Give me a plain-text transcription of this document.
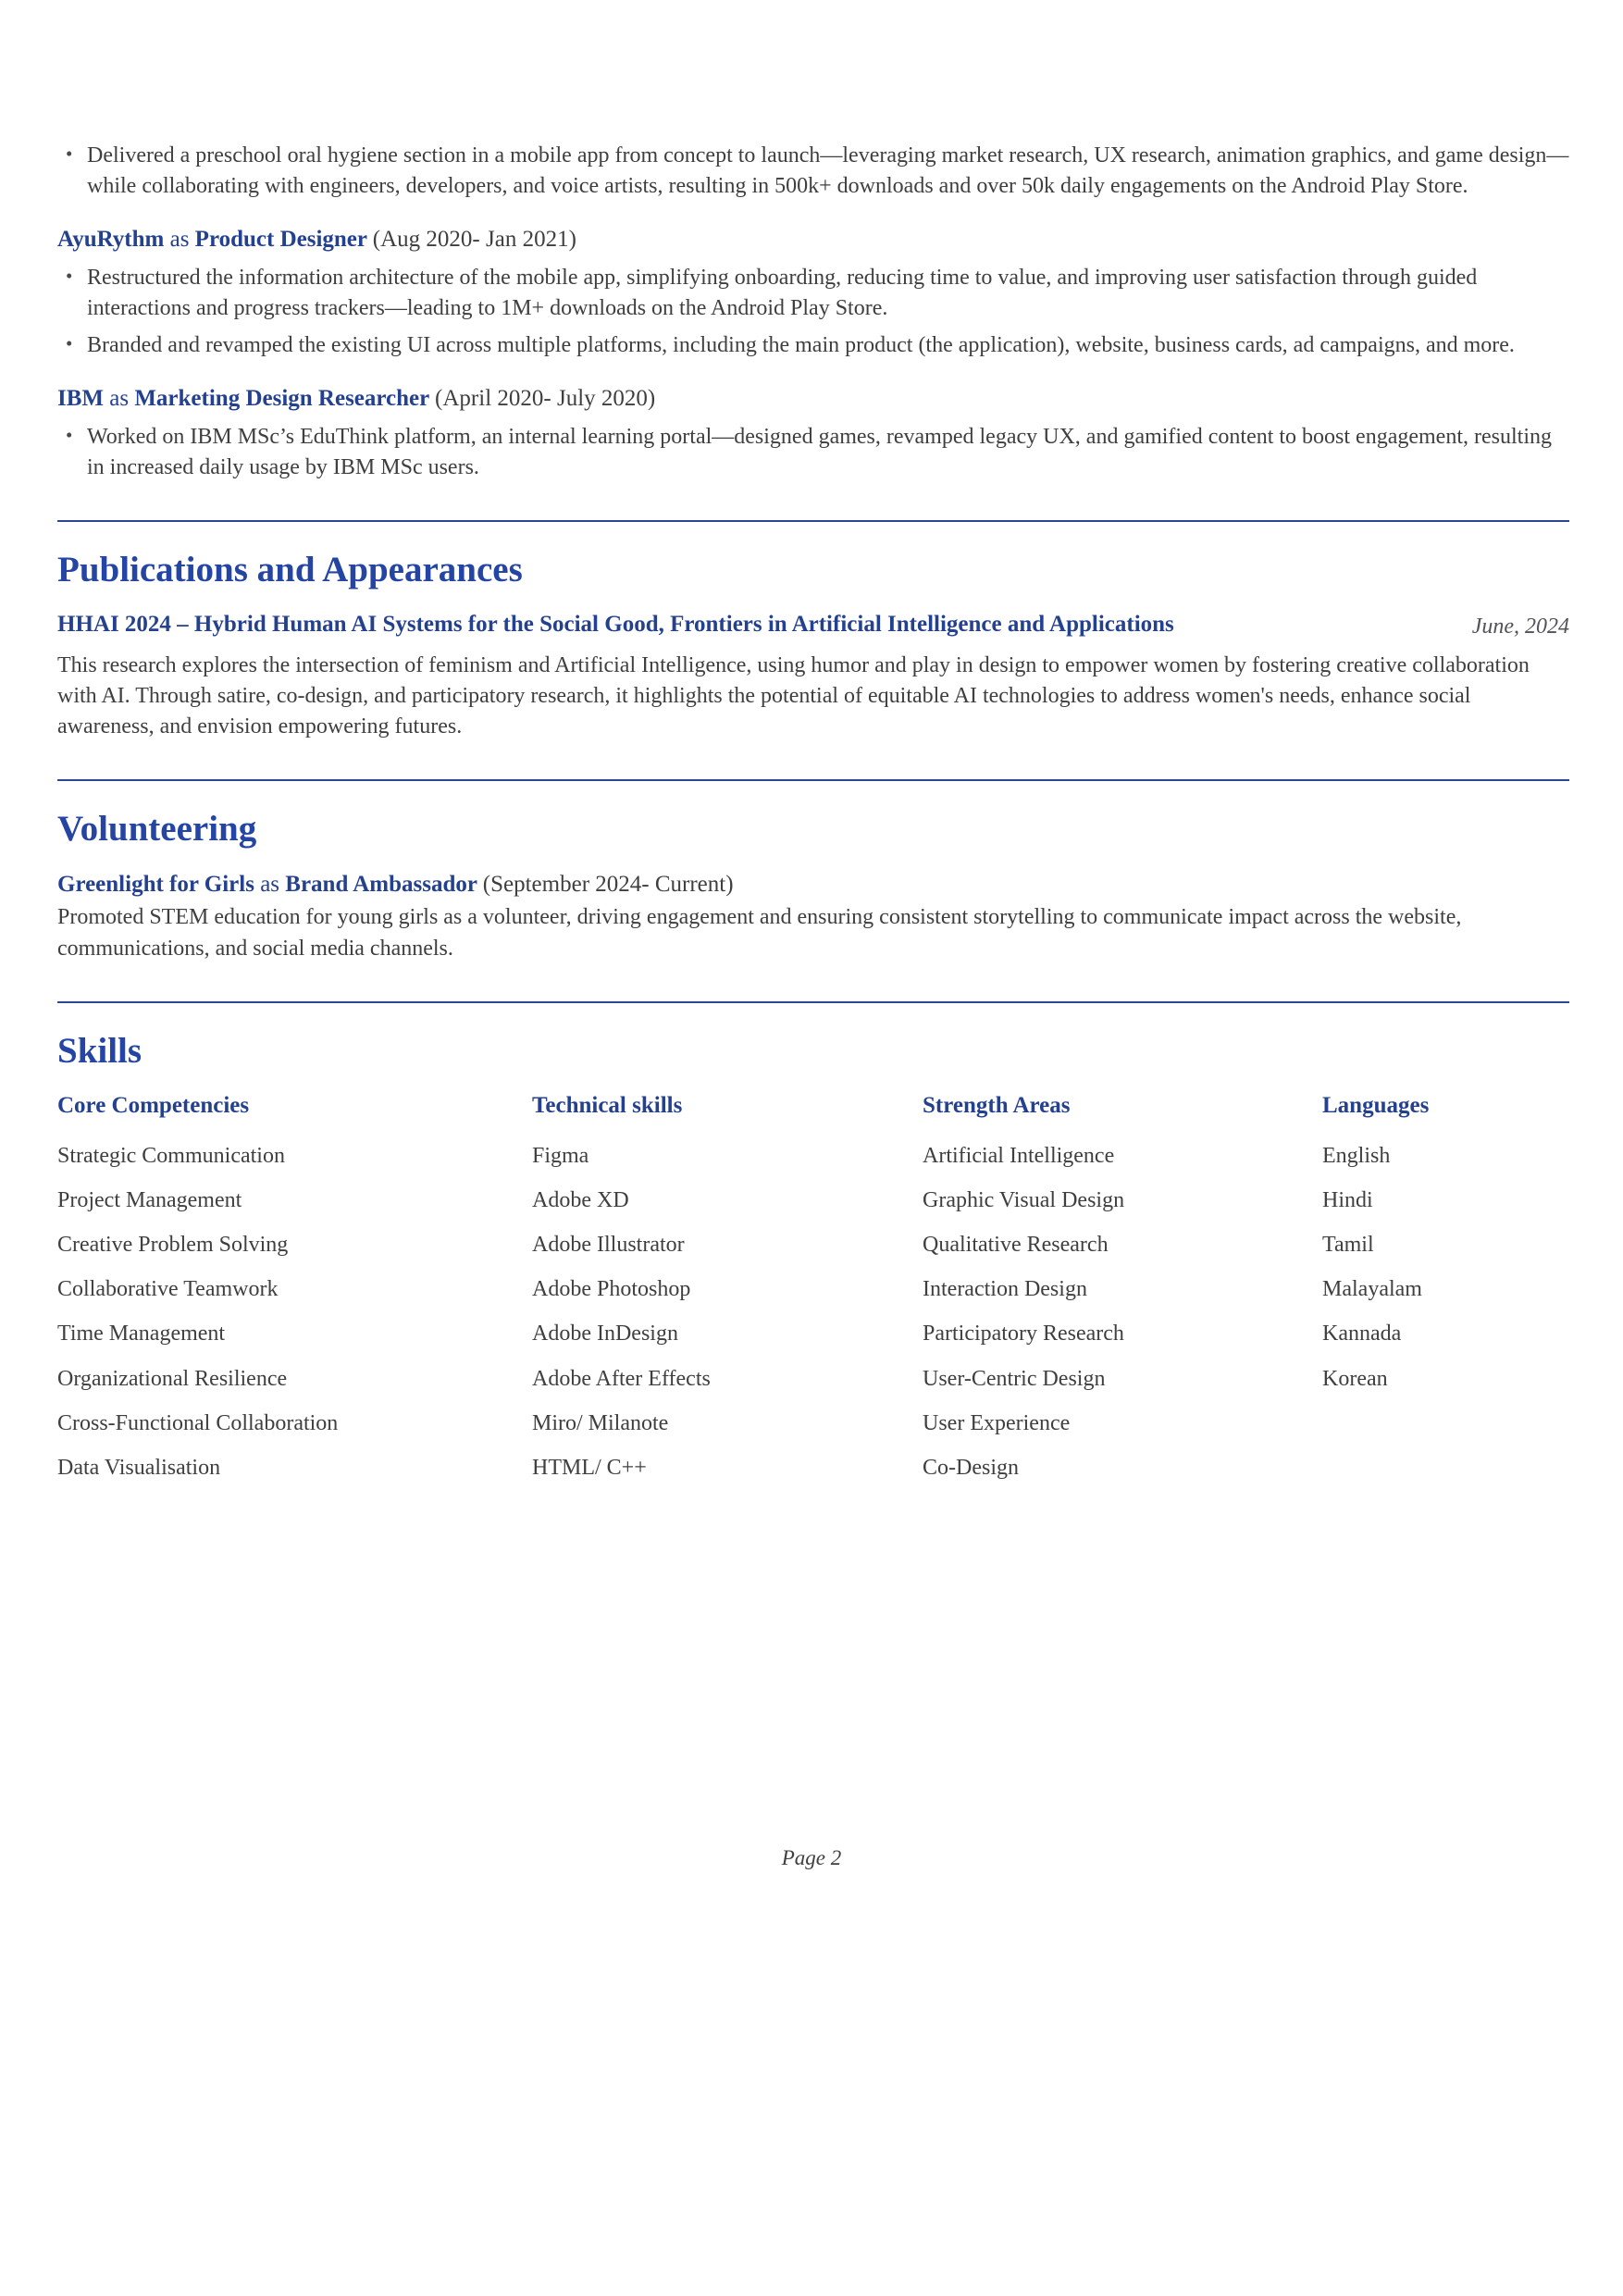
• Delivered a preschool oral hygiene section in a mobile app from concept to launch—leveraging market research, UX research, animation graphics, and game design—while collaborating with engineers, developers, and voice artists, resulting in 500k+ downloads and over 50k daily engagements on the Android Play Store.
AyuRythm as Product Designer (Aug 2020- Jan 2021)
• Restructured the information architecture of the mobile app, simplifying onboarding, reducing time to value, and improving user satisfaction through guided interactions and progress trackers—leading to 1M+ downloads on the Android Play Store.
• Branded and revamped the existing UI across multiple platforms, including the main product (the application), website, business cards, ad campaigns, and more.
IBM as Marketing Design Researcher (April 2020- July 2020)
• Worked on IBM MSc’s EduThink platform, an internal learning portal—designed games, revamped legacy UX, and gamified content to boost engagement, resulting in increased daily usage by IBM MSc users.
Publications and Appearances
HHAI 2024 – Hybrid Human AI Systems for the Social Good, Frontiers in Artificial Intelligence and Applications	June, 2024

This research explores the intersection of feminism and Artificial Intelligence, using humor and play in design to empower women by fostering creative collaboration with AI. Through satire, co-design, and participatory research, it highlights the potential of equitable AI technologies to address women's needs, enhance social awareness, and envision empowering futures.

Volunteering
Greenlight for Girls as Brand Ambassador (September 2024- Current)

Promoted STEM education for young girls as a volunteer, driving engagement and ensuring consistent storytelling to communicate impact across the website, communications, and social media channels.

Skills
Core Competencies

Strategic Communication

Project Management

Creative Problem Solving

Collaborative Teamwork

Time Management

Organizational Resilience

Cross-Functional Collaboration

Data Visualisation

Technical skills

Figma

Adobe XD

Adobe Illustrator

Adobe Photoshop

Adobe InDesign

Adobe After Effects

Miro/ Milanote

HTML/ C++

Strength Areas

Artificial Intelligence

Graphic Visual Design

Qualitative Research

Interaction Design

Participatory Research

User-Centric Design

User Experience

Co-Design

Languages

English

Hindi

Tamil

Malayalam

Kannada

Korean

Page 2
